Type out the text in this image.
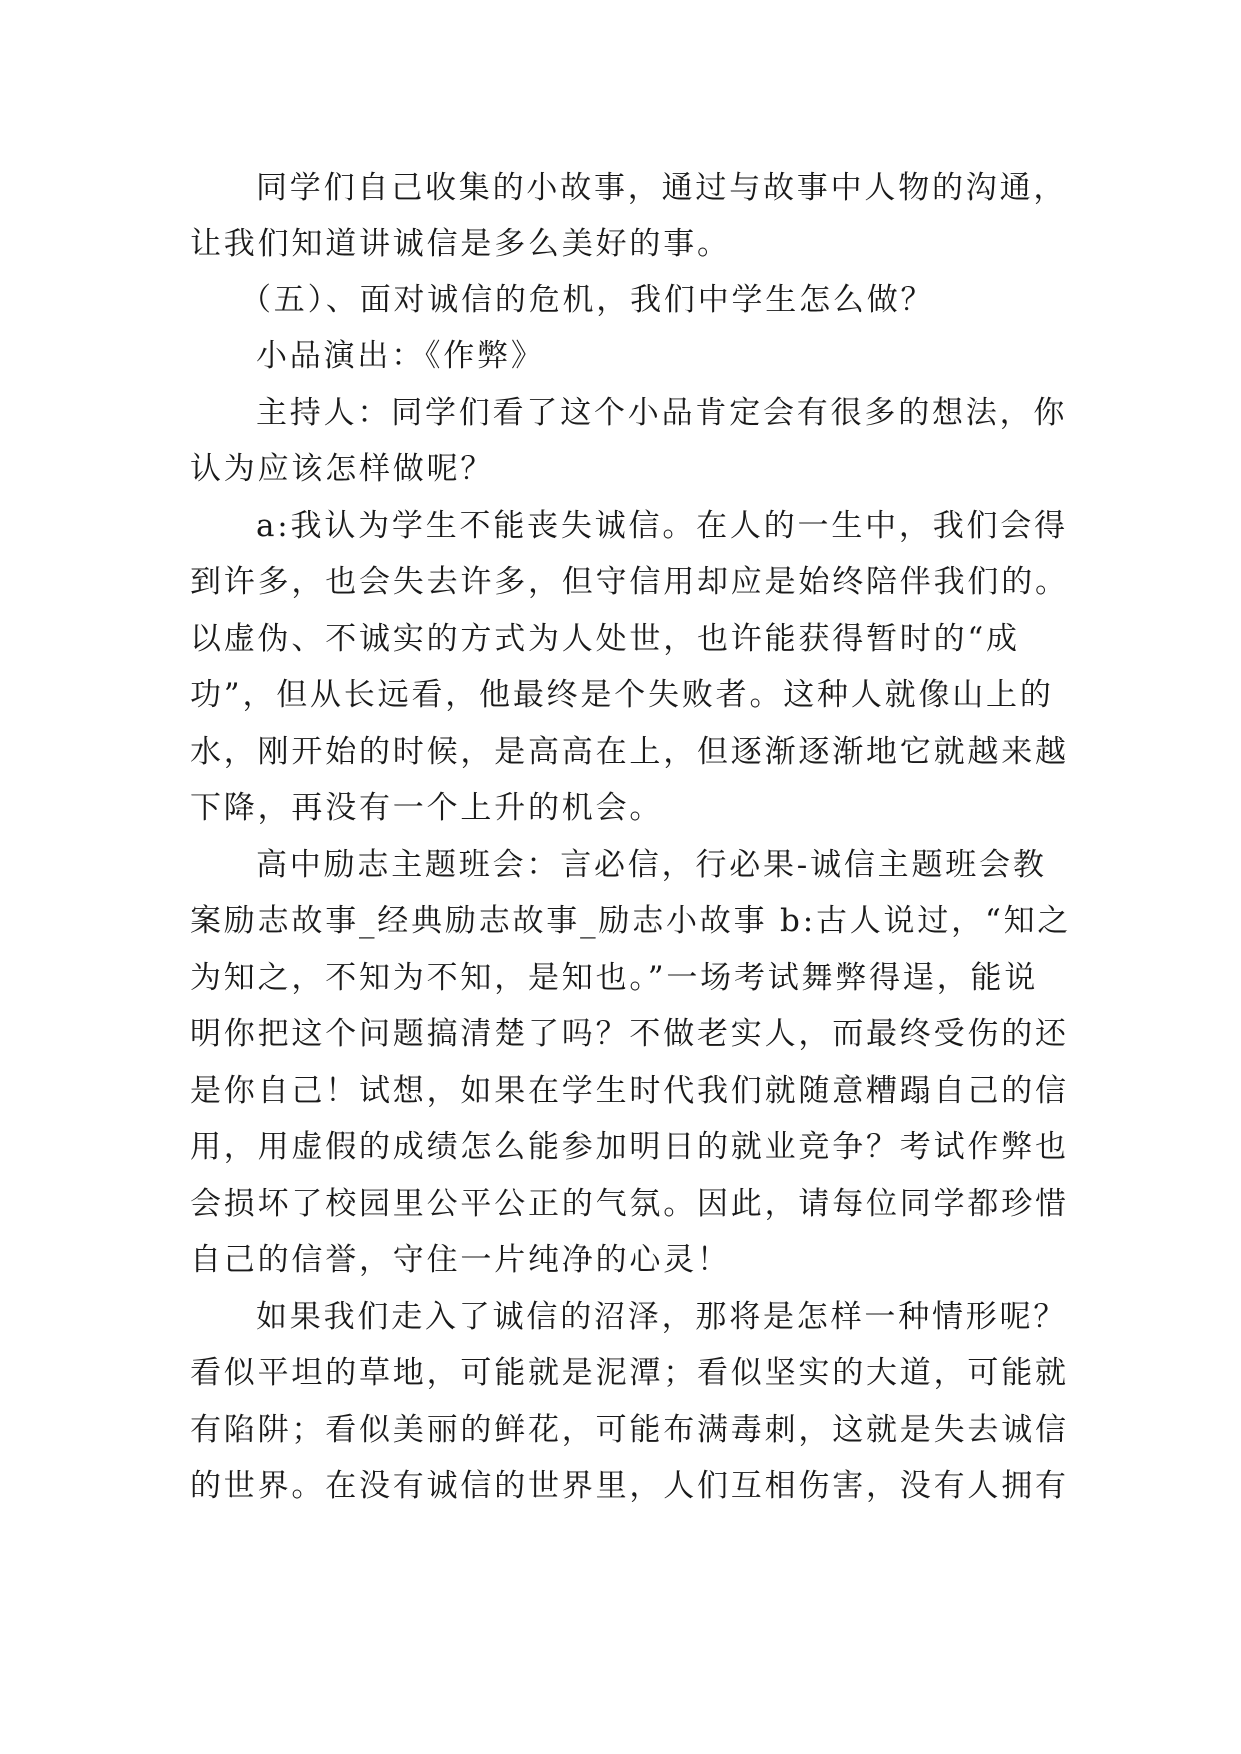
同学们自己收集的小故事，通过与故事中人物的沟通，
让我们知道讲诚信是多么美好的事。
（五）、面对诚信的危机，我们中学生怎么做？
小品演出：《作弊》
主持人：同学们看了这个小品肯定会有很多的想法，你
认为应该怎样做呢？
a:我认为学生不能丧失诚信。在人的一生中，我们会得
到许多，也会失去许多，但守信用却应是始终陪伴我们的。
以虚伪、不诚实的方式为人处世，也许能获得暂时的“成
功”，但从长远看，他最终是个失败者。这种人就像山上的
水，刚开始的时候，是高高在上，但逐渐逐渐地它就越来越
下降，再没有一个上升的机会。
高中励志主题班会：言必信，行必果-诚信主题班会教
案励志故事_经典励志故事_励志小故事 b:古人说过，“知之
为知之，不知为不知，是知也。”一场考试舞弊得逞，能说
明你把这个问题搞清楚了吗？不做老实人，而最终受伤的还
是你自己！试想，如果在学生时代我们就随意糟蹋自己的信
用，用虚假的成绩怎么能参加明日的就业竞争？考试作弊也
会损坏了校园里公平公正的气氛。因此，请每位同学都珍惜
自己的信誉，守住一片纯净的心灵！
如果我们走入了诚信的沼泽，那将是怎样一种情形呢？
看似平坦的草地，可能就是泥潭；看似坚实的大道，可能就
有陷阱；看似美丽的鲜花，可能布满毒刺，这就是失去诚信
的世界。在没有诚信的世界里，人们互相伤害，没有人拥有
